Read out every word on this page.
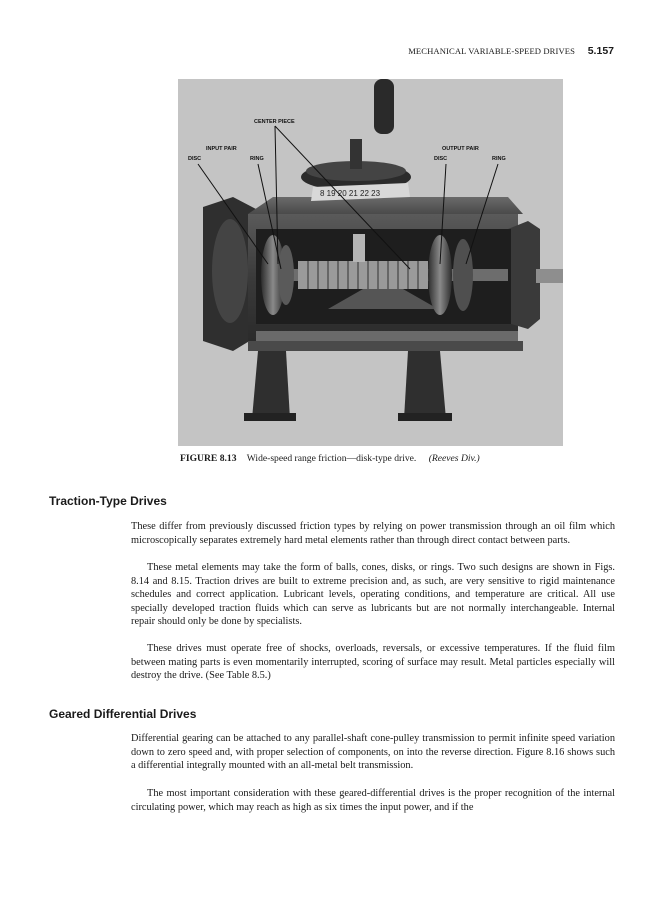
MECHANICAL VARIABLE-SPEED DRIVES 5.157
8 19 20 21 22 23
CENTER PIECE
INPUT PAIR
DISC	RING
OUTPUT PAIR
DISC	RING
FIGURE 8.13 Wide-speed range friction—disk-type drive. (Reeves Div.)
Traction-Type Drives

These differ from previously discussed friction types by relying on power transmission through an oil film which microscopically separates extremely hard metal elements rather than through direct contact between parts.

These metal elements may take the form of balls, cones, disks, or rings. Two such designs are shown in Figs. 8.14 and 8.15. Traction drives are built to extreme precision and, as such, are very sensitive to rigid maintenance schedules and correct application. Lubricant levels, operating conditions, and temperature are critical. All use specially developed traction fluids which can serve as lubricants but are not normally interchangeable. Internal repair should only be done by specialists.

These drives must operate free of shocks, overloads, reversals, or excessive temperatures. If the fluid film between mating parts is even momentarily interrupted, scoring of surface may result. Metal particles especially will destroy the drive. (See Table 8.5.)

Geared Differential Drives

Differential gearing can be attached to any parallel-shaft cone-pulley transmission to permit infinite speed variation down to zero speed and, with proper selection of components, on into the reverse direction. Figure 8.16 shows such a differential integrally mounted with an all-metal belt transmission.

The most important consideration with these geared-differential drives is the proper recognition of the internal circulating power, which may reach as high as six times the input power, and if the
